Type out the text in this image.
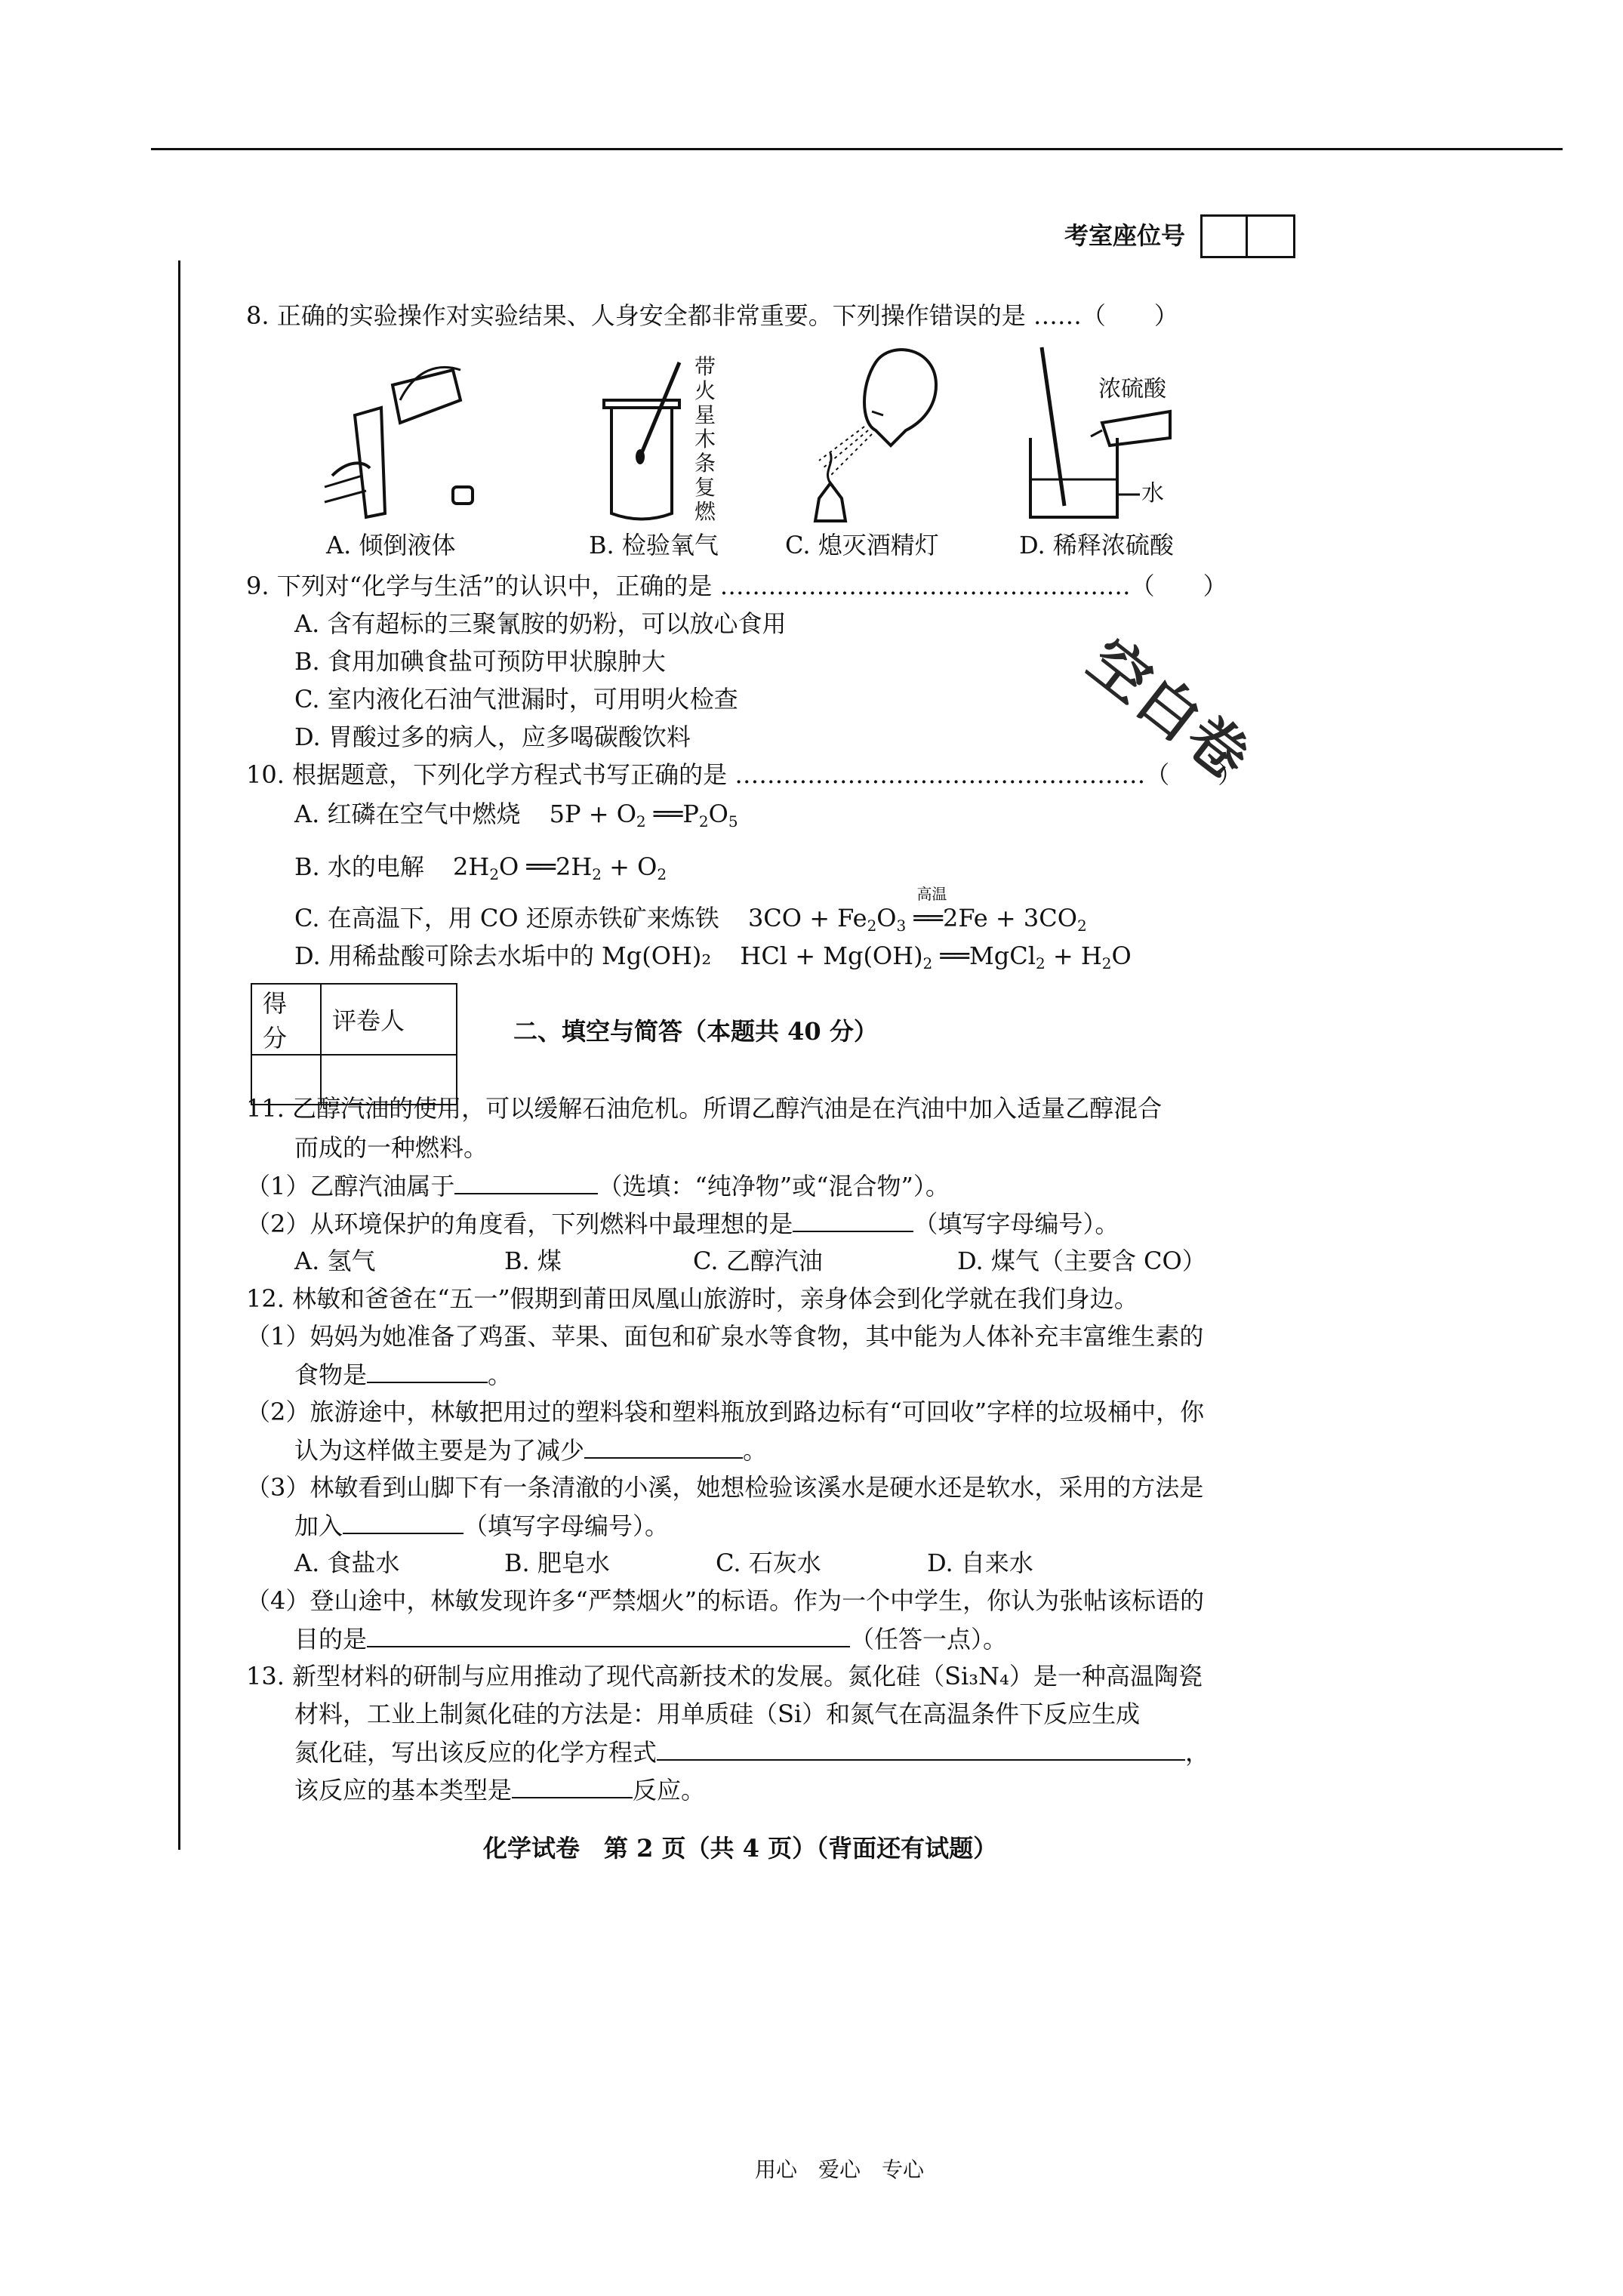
考室座位号
8. 正确的实验操作对实验结果、人身安全都非常重要。下列操作错误的是 ……（　　）
带火星木条复燃
浓硫酸
水
A. 倾倒液体	B. 检验氧气	C. 熄灭酒精灯	D. 稀释浓硫酸
9. 下列对“化学与生活”的认识中，正确的是 ……………………………………………（　　）
A. 含有超标的三聚氰胺的奶粉，可以放心食用
B. 食用加碘食盐可预防甲状腺肿大
C. 室内液化石油气泄漏时，可用明火检查
D. 胃酸过多的病人，应多喝碳酸饮料	空白卷
10. 根据题意，下列化学方程式书写正确的是 ……………………………………………（　　）
A. 红磷在空气中燃烧 $5P + O_2$ $══P_2O_5$
B. 水的电解 $2H_2O$ $══2H_2 + O_2$
C. 在高温下，用 CO 还原赤铁矿来炼铁 $3CO + Fe_2O_3$ ══
高温
$2Fe + 3CO_2$
D. 用稀盐酸可除去水垢中的 Mg(OH)₂ HCl + $Mg(OH)_2$ ══MgCl$_2$ + $H_2O$
得分	评卷人
		二、填空与简答（本题共 40 分）
11. 乙醇汽油的使用，可以缓解石油危机。所谓乙醇汽油是在汽油中加入适量乙醇混合
而成的一种燃料。
（1）乙醇汽油属于	（选填：“纯净物”或“混合物”）。
（2）从环境保护的角度看，下列燃料中最理想的是	（填写字母编号）。
A. 氢气	B. 煤	C. 乙醇汽油	D. 煤气（主要含 CO）
12. 林敏和爸爸在“五一”假期到莆田凤凰山旅游时，亲身体会到化学就在我们身边。
（1）妈妈为她准备了鸡蛋、苹果、面包和矿泉水等食物，其中能为人体补充丰富维生素的
食物是	。
（2）旅游途中，林敏把用过的塑料袋和塑料瓶放到路边标有“可回收”字样的垃圾桶中，你
认为这样做主要是为了减少	。
（3）林敏看到山脚下有一条清澈的小溪，她想检验该溪水是硬水还是软水，采用的方法是
加入	（填写字母编号）。
A. 食盐水	B. 肥皂水	C. 石灰水	D. 自来水
（4）登山途中，林敏发现许多“严禁烟火”的标语。作为一个中学生，你认为张帖该标语的
目的是	（任答一点）。
13. 新型材料的研制与应用推动了现代高新技术的发展。氮化硅（Si₃N₄）是一种高温陶瓷
材料，工业上制氮化硅的方法是：用单质硅（Si）和氮气在高温条件下反应生成
氮化硅，写出该反应的化学方程式	，
该反应的基本类型是	反应。
化学试卷　第 2 页（共 4 页）（背面还有试题）
用心　爱心　专心
